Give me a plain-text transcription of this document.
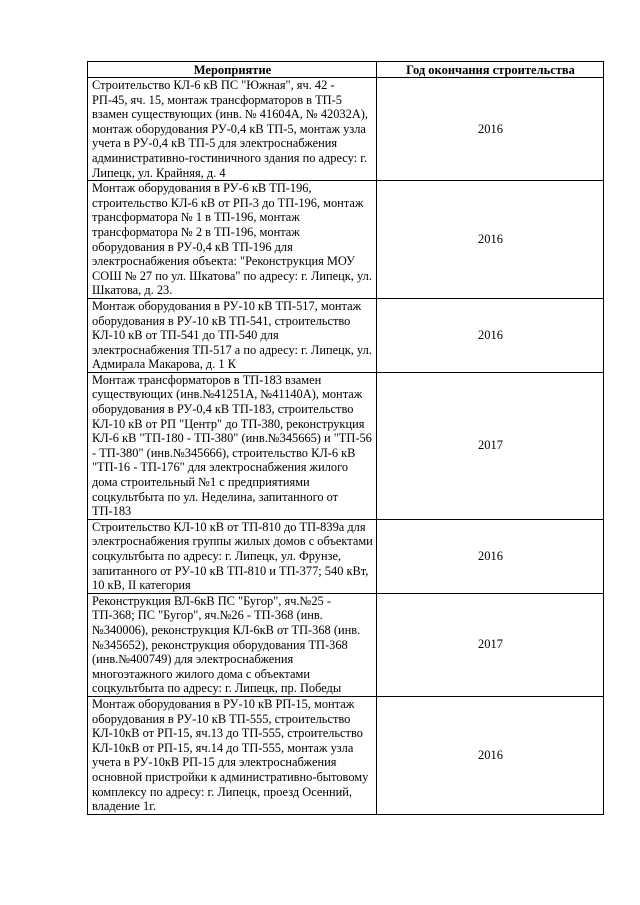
Мероприятие	Год окончания строительства
Строительство КЛ-6 кВ ПС "Южная", яч. 42 - РП-45, яч. 15, монтаж трансформаторов в ТП-5 взамен существующих (инв. № 41604А, № 42032А), монтаж оборудования РУ-0,4 кВ ТП-5, монтаж узла учета в РУ-0,4 кВ ТП-5 для электроснабжения административно-гостиничного здания по адресу: г. Липецк, ул. Крайняя, д. 4	2016
Монтаж оборудования в РУ-6 кВ ТП-196, строительство КЛ-6 кВ от РП-3 до ТП-196, монтаж трансформатора № 1 в ТП-196, монтаж трансформатора № 2 в ТП-196, монтаж оборудования в РУ-0,4 кВ ТП-196 для электроснабжения объекта: "Реконструкция МОУ СОШ № 27 по ул. Шкатова" по адресу: г. Липецк, ул. Шкатова, д. 23.	2016
Монтаж оборудования в РУ-10 кВ ТП-517, монтаж оборудования в РУ-10 кВ ТП-541, строительство КЛ-10 кВ от ТП-541 до ТП-540 для электроснабжения ТП-517 а по адресу: г. Липецк, ул. Адмирала Макарова, д. 1 К	2016
Монтаж трансформаторов в ТП-183 взамен существующих (инв.№41251А, №41140А), монтаж оборудования в РУ-0,4 кВ ТП-183, строительство КЛ-10 кВ от РП "Центр" до ТП-380, реконструкция КЛ-6 кВ "ТП-180 - ТП-380" (инв.№345665) и "ТП-56 - ТП-380" (инв.№345666), строительство КЛ-6 кВ "ТП-16 - ТП-176" для электроснабжения жилого дома строительный №1 с предприятиями соцкультбыта по ул. Неделина, запитанного от ТП-183	2017
Строительство КЛ-10 кВ от ТП-810 до ТП-839а для электроснабжения группы жилых домов с объектами соцкультбыта по адресу: г. Липецк, ул. Фрунзе, запитанного от РУ-10 кВ ТП-810 и ТП-377; 540 кВт, 10 кВ, II категория	2016
Реконструкция ВЛ-6кВ ПС "Бугор", яч.№25 - ТП-368; ПС "Бугор", яч.№26 - ТП-368 (инв. №340006), реконструкция КЛ-6кВ от ТП-368 (инв. №345652), реконструкция оборудования ТП-368 (инв.№400749) для электроснабжения многоэтажного жилого дома с объектами соцкультбыта по адресу: г. Липецк, пр. Победы	2017
Монтаж оборудования в РУ-10 кВ РП-15, монтаж оборудования в РУ-10 кВ ТП-555, строительство КЛ-10кВ от РП-15, яч.13 до ТП-555, строительство КЛ-10кВ от РП-15, яч.14 до ТП-555, монтаж узла учета в РУ-10кВ РП-15 для электроснабжения основной пристройки к административно-бытовому комплексу по адресу: г. Липецк, проезд Осенний, владение 1г.	2016
